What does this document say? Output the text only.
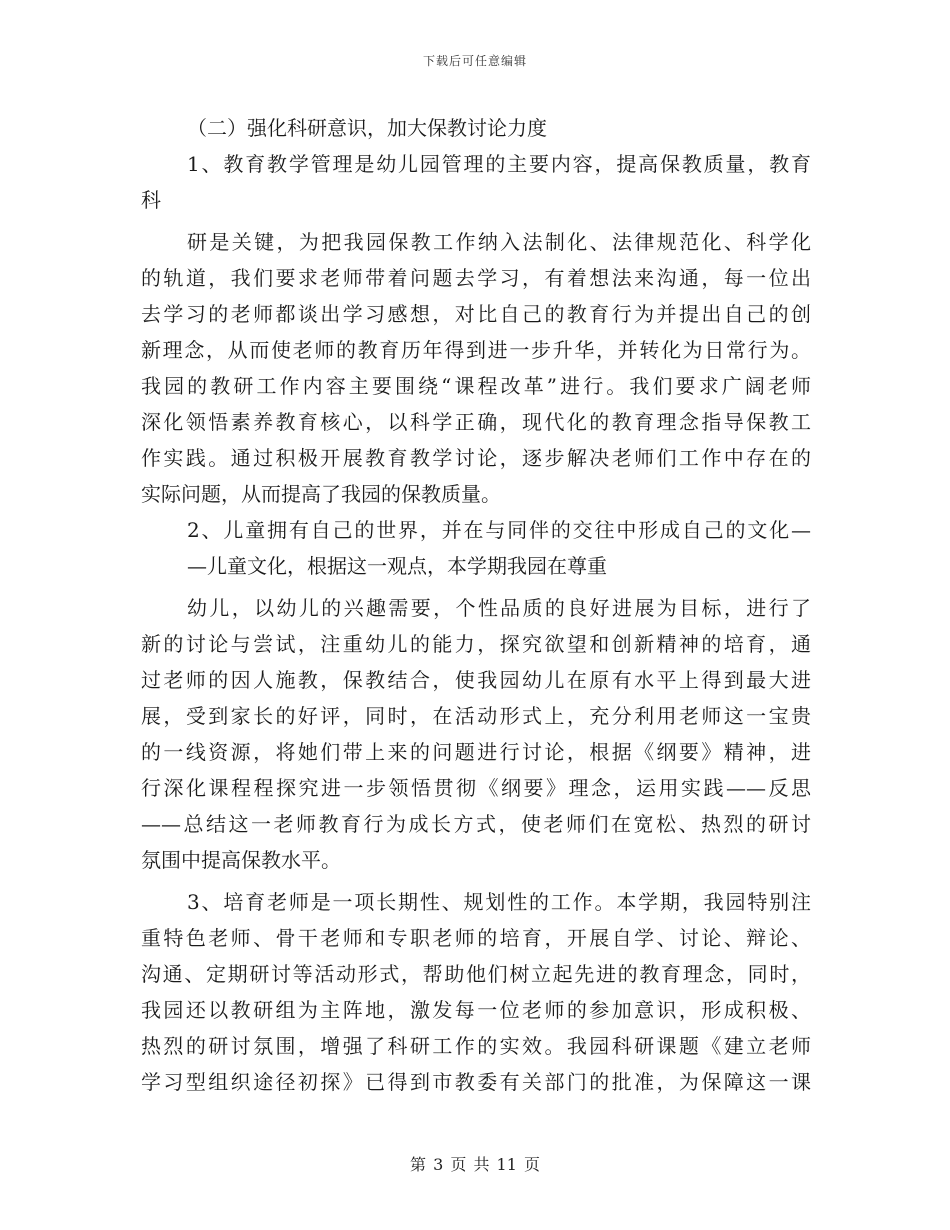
下载后可任意编辑
（二）强化科研意识，加大保教讨论力度
1、教育教学管理是幼儿园管理的主要内容，提高保教质量，教育
科
研是关键，为把我园保教工作纳入法制化、法律规范化、科学化
的轨道，我们要求老师带着问题去学习，有着想法来沟通，每一位出
去学习的老师都谈出学习感想，对比自己的教育行为并提出自己的创
新理念，从而使老师的教育历年得到进一步升华，并转化为日常行为。
我园的教研工作内容主要围绕“课程改革”进行。我们要求广阔老师
深化领悟素养教育核心，以科学正确，现代化的教育理念指导保教工
作实践。通过积极开展教育教学讨论，逐步解决老师们工作中存在的
实际问题，从而提高了我园的保教质量。
2、儿童拥有自己的世界，并在与同伴的交往中形成自己的文化—
—儿童文化，根据这一观点，本学期我园在尊重
幼儿，以幼儿的兴趣需要，个性品质的良好进展为目标，进行了
新的讨论与尝试，注重幼儿的能力，探究欲望和创新精神的培育，通
过老师的因人施教，保教结合，使我园幼儿在原有水平上得到最大进
展，受到家长的好评，同时，在活动形式上，充分利用老师这一宝贵
的一线资源，将她们带上来的问题进行讨论，根据《纲要》精神，进
行深化课程程探究进一步领悟贯彻《纲要》理念，运用实践——反思
——总结这一老师教育行为成长方式，使老师们在宽松、热烈的研讨
氛围中提高保教水平。
3、培育老师是一项长期性、规划性的工作。本学期，我园特别注
重特色老师、骨干老师和专职老师的培育，开展自学、讨论、辩论、
沟通、定期研讨等活动形式，帮助他们树立起先进的教育理念，同时，
我园还以教研组为主阵地，激发每一位老师的参加意识，形成积极、
热烈的研讨氛围，增强了科研工作的实效。我园科研课题《建立老师
学习型组织途径初探》已得到市教委有关部门的批准，为保障这一课
第 3 页 共 11 页
